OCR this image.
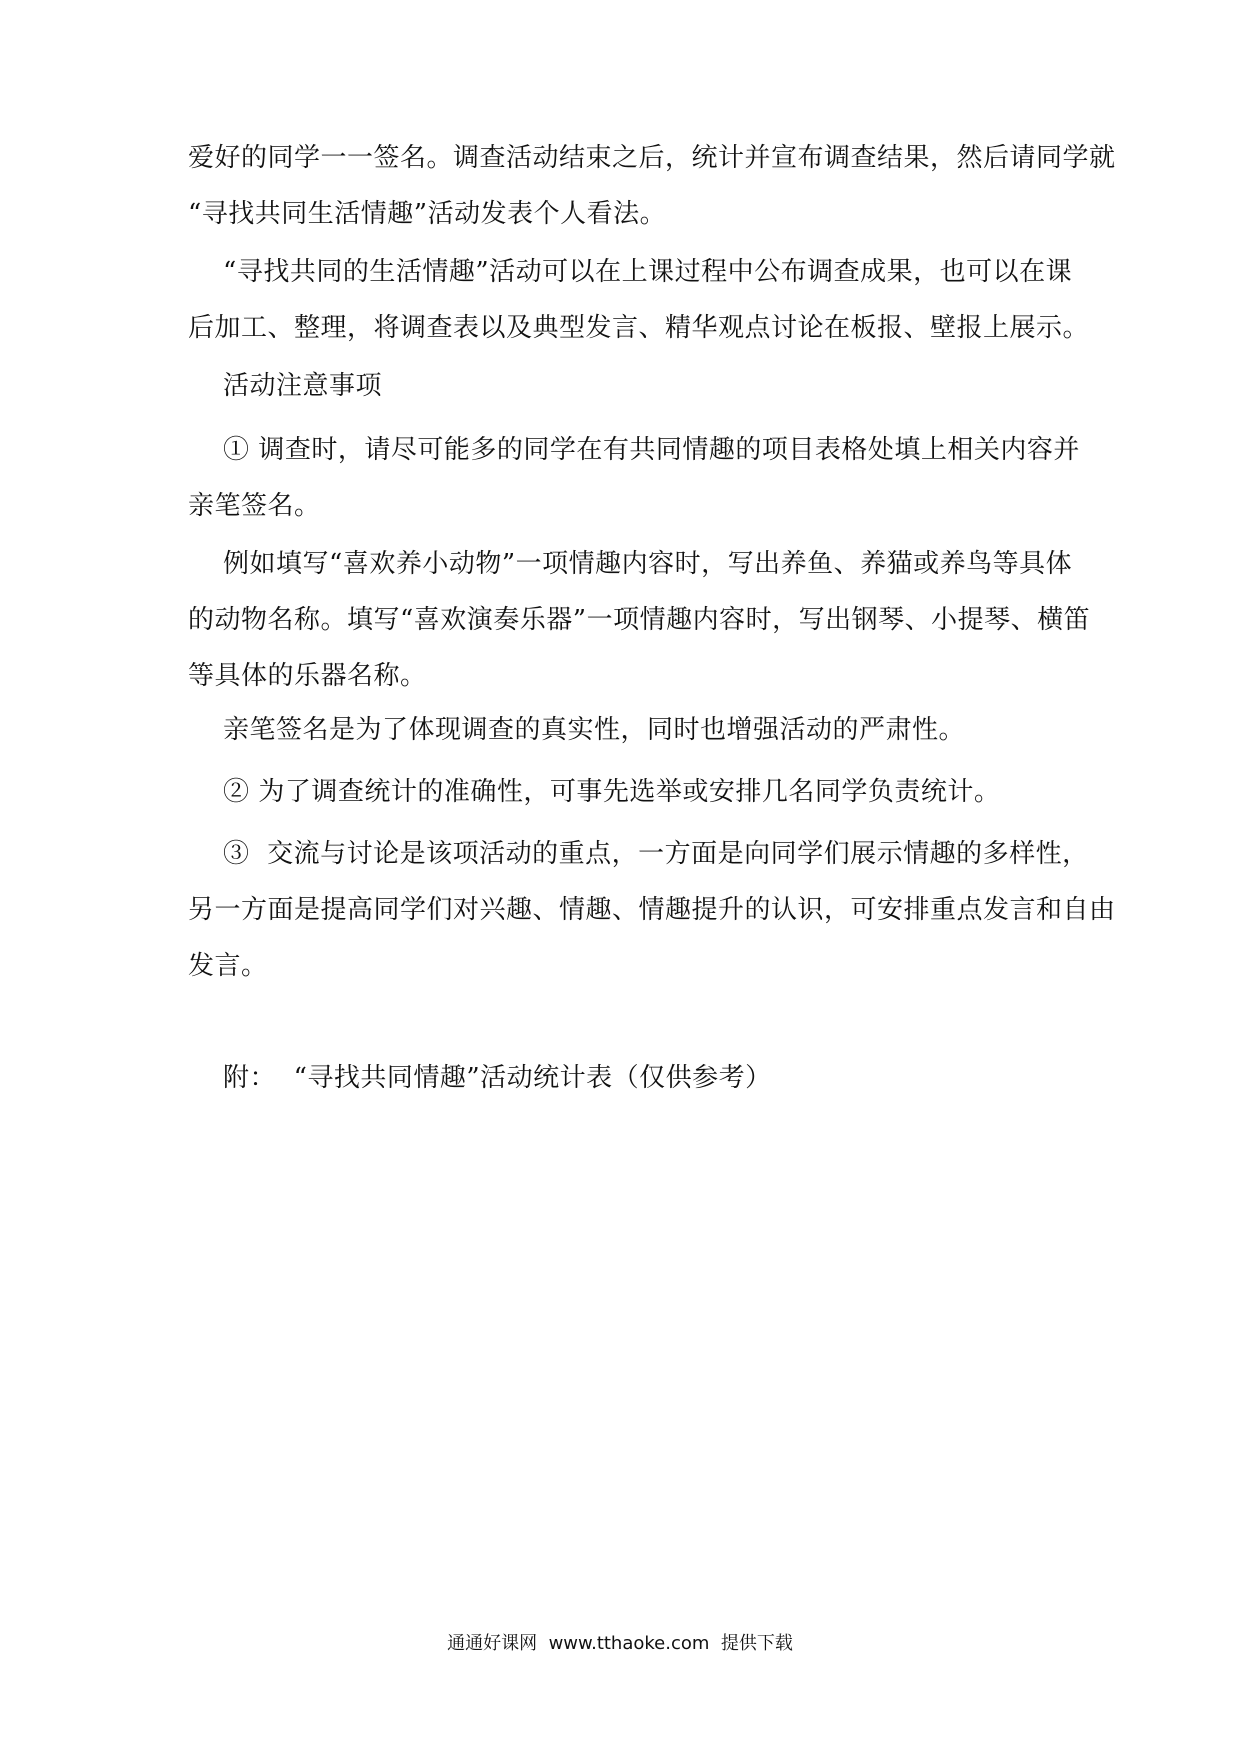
爱好的同学一一签名。调查活动结束之后，统计并宣布调查结果，然后请同学就
“寻找共同生活情趣”活动发表个人看法。
“寻找共同的生活情趣”活动可以在上课过程中公布调查成果，也可以在课
后加工、整理，将调查表以及典型发言、精华观点讨论在板报、壁报上展示。
活动注意事项
① 调查时，请尽可能多的同学在有共同情趣的项目表格处填上相关内容并
亲笔签名。
例如填写“喜欢养小动物”一项情趣内容时，写出养鱼、养猫或养鸟等具体
的动物名称。填写“喜欢演奏乐器”一项情趣内容时，写出钢琴、小提琴、横笛
等具体的乐器名称。
亲笔签名是为了体现调查的真实性，同时也增强活动的严肃性。
② 为了调查统计的准确性，可事先选举或安排几名同学负责统计。
③  交流与讨论是该项活动的重点，一方面是向同学们展示情趣的多样性，
另一方面是提高同学们对兴趣、情趣、情趣提升的认识，可安排重点发言和自由
发言。
附：  “寻找共同情趣”活动统计表（仅供参考）
通通好课网  www.tthaoke.com  提供下载
